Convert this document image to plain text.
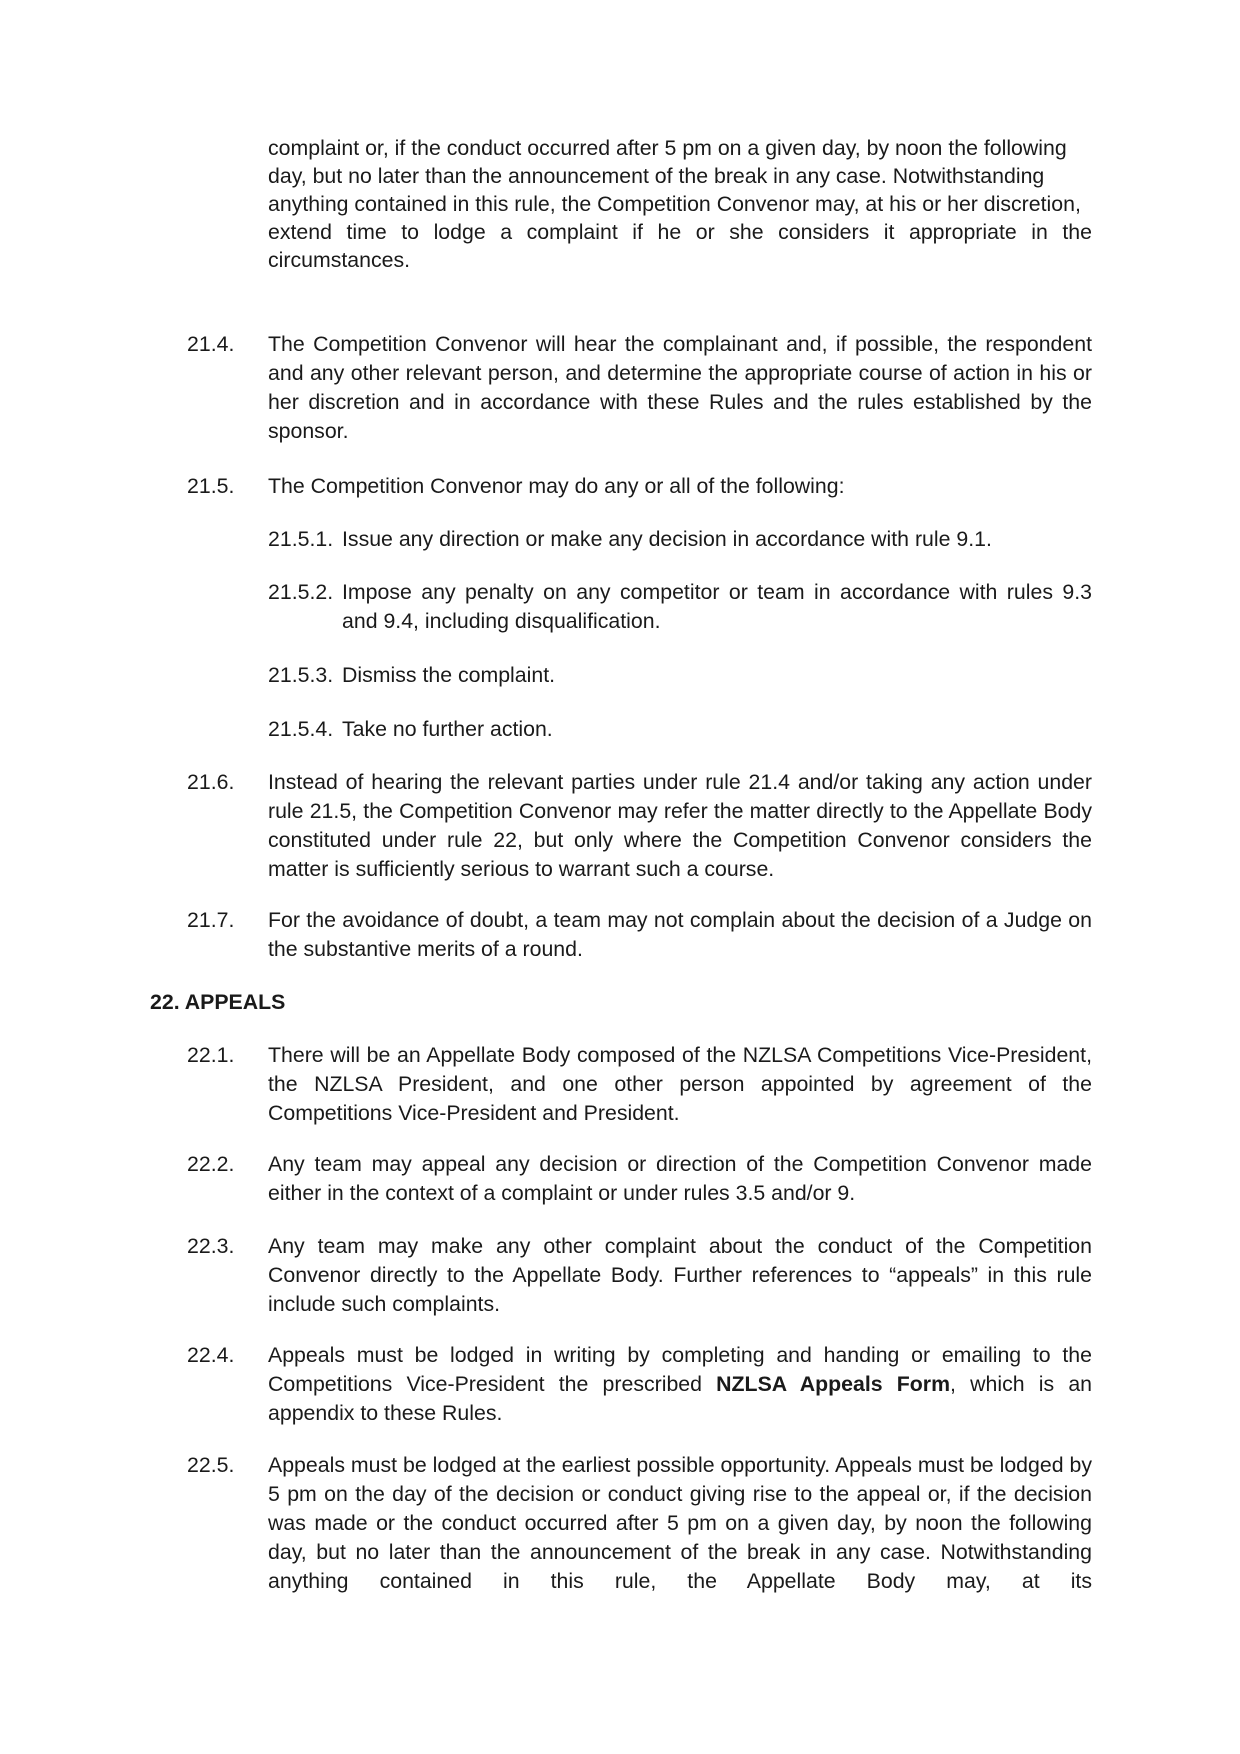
complaint or, if the conduct occurred after 5 pm on a given day, by noon the following

day, but no later than the announcement of the break in any case. Notwithstanding

anything contained in this rule, the Competition Convenor may, at his or her discretion,

extend time to lodge a complaint if he or she considers it appropriate in the

circumstances.

21.4. The Competition Convenor will hear the complainant and, if possible, the respondent and any other relevant person, and determine the appropriate course of action in his or her discretion and in accordance with these Rules and the rules established by the sponsor.

21.5. The Competition Convenor may do any or all of the following:

21.5.1. Issue any direction or make any decision in accordance with rule 9.1.

21.5.2. Impose any penalty on any competitor or team in accordance with rules 9.3

and 9.4, including disqualification.

21.5.3. Dismiss the complaint.

21.5.4. Take no further action.

21.6. Instead of hearing the relevant parties under rule 21.4 and/or taking any action under rule 21.5, the Competition Convenor may refer the matter directly to the Appellate Body constituted under rule 22, but only where the Competition Convenor considers the matter is sufficiently serious to warrant such a course.

21.7. For the avoidance of doubt, a team may not complain about the decision of a Judge on the substantive merits of a round.

22. APPEALS

22.1. There will be an Appellate Body composed of the NZLSA Competitions Vice-President, the NZLSA President, and one other person appointed by agreement of the Competitions Vice-President and President.

22.2. Any team may appeal any decision or direction of the Competition Convenor made either in the context of a complaint or under rules 3.5 and/or 9.

22.3. Any team may make any other complaint about the conduct of the Competition Convenor directly to the Appellate Body. Further references to “appeals” in this rule include such complaints.

22.4. Appeals must be lodged in writing by completing and handing or emailing to the Competitions Vice-President the prescribed NZLSA Appeals Form, which is an appendix to these Rules.

22.5. Appeals must be lodged at the earliest possible opportunity. Appeals must be lodged by 5 pm on the day of the decision or conduct giving rise to the appeal or, if the decision was made or the conduct occurred after 5 pm on a given day, by noon the following day, but no later than the announcement of the break in any case. Notwithstanding anything contained in this rule, the Appellate Body may, at its
